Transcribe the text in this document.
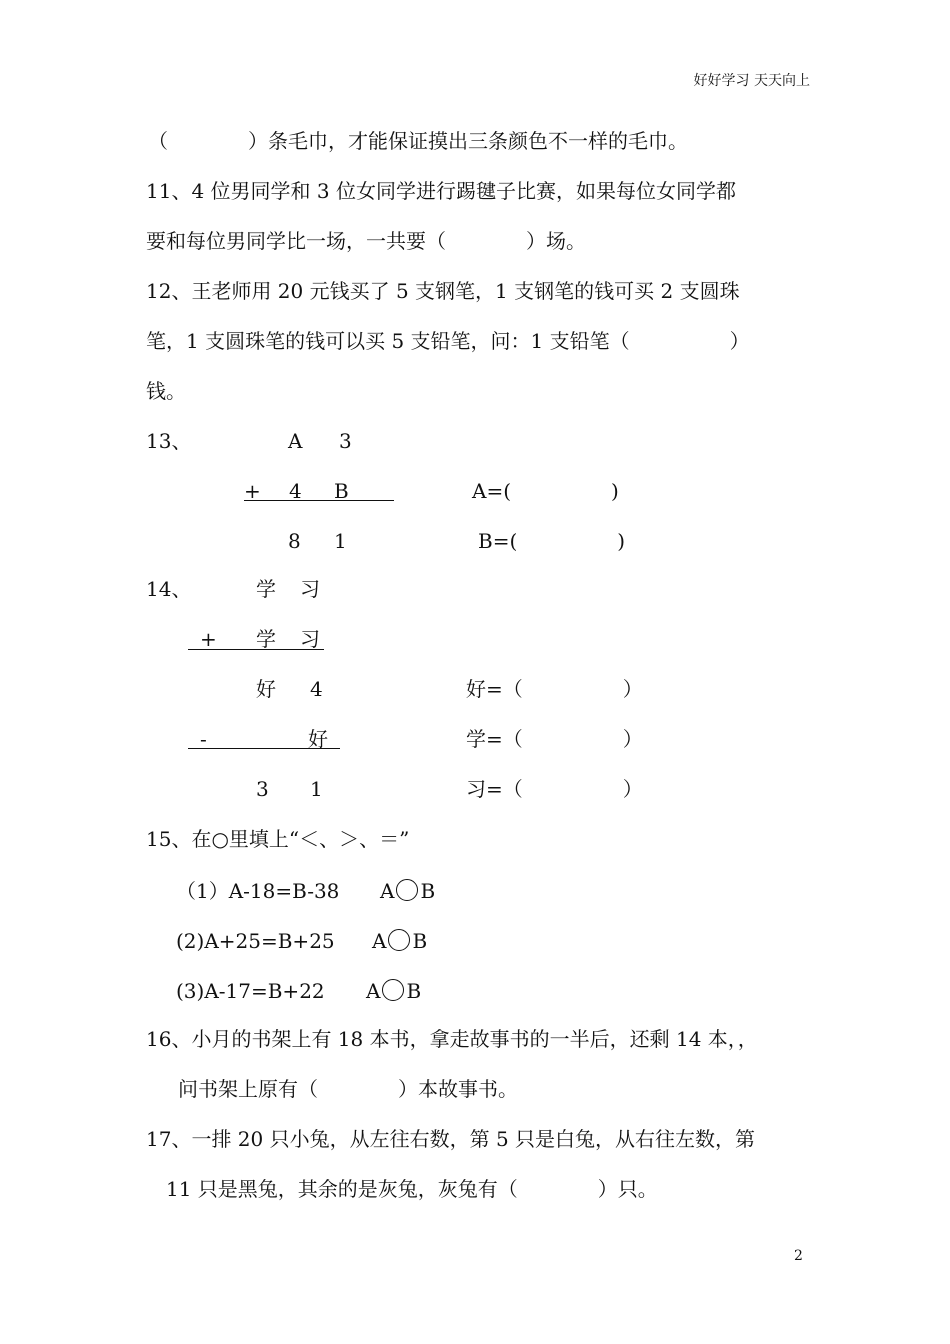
好好学习 天天向上
（　　　　）条毛巾，才能保证摸出三条颜色不一样的毛巾。
11、4 位男同学和 3 位女同学进行踢毽子比赛，如果每位女同学都
要和每位男同学比一场，一共要（　　　　）场。
12、王老师用 20 元钱买了 5 支钢笔，1 支钢笔的钱可买 2 支圆珠
笔，1 支圆珠笔的钱可以买 5 支铅笔，问：1 支铅笔（　　　　　）
钱。
13、	A 3
+ 4 B	A=(　　　　　)
8 1	B=(　　　　　)
14、	学 习
+ 学 习
好 4	好=（　　　　　）
-	好	学=（　　　　　）
3 1	习=（　　　　　）
15、在○里填上“＜、＞、＝”
（1）A-18=B-38 A B
(2)A+25=B+25 A B
(3)A-17=B+22 A B
16、小月的书架上有 18 本书，拿走故事书的一半后，还剩 14 本，，
问书架上原有（　　　　）本故事书。
17、一排 20 只小兔，从左往右数，第 5 只是白兔，从右往左数，第
11 只是黑兔，其余的是灰兔，灰兔有（　　　　）只。
2
